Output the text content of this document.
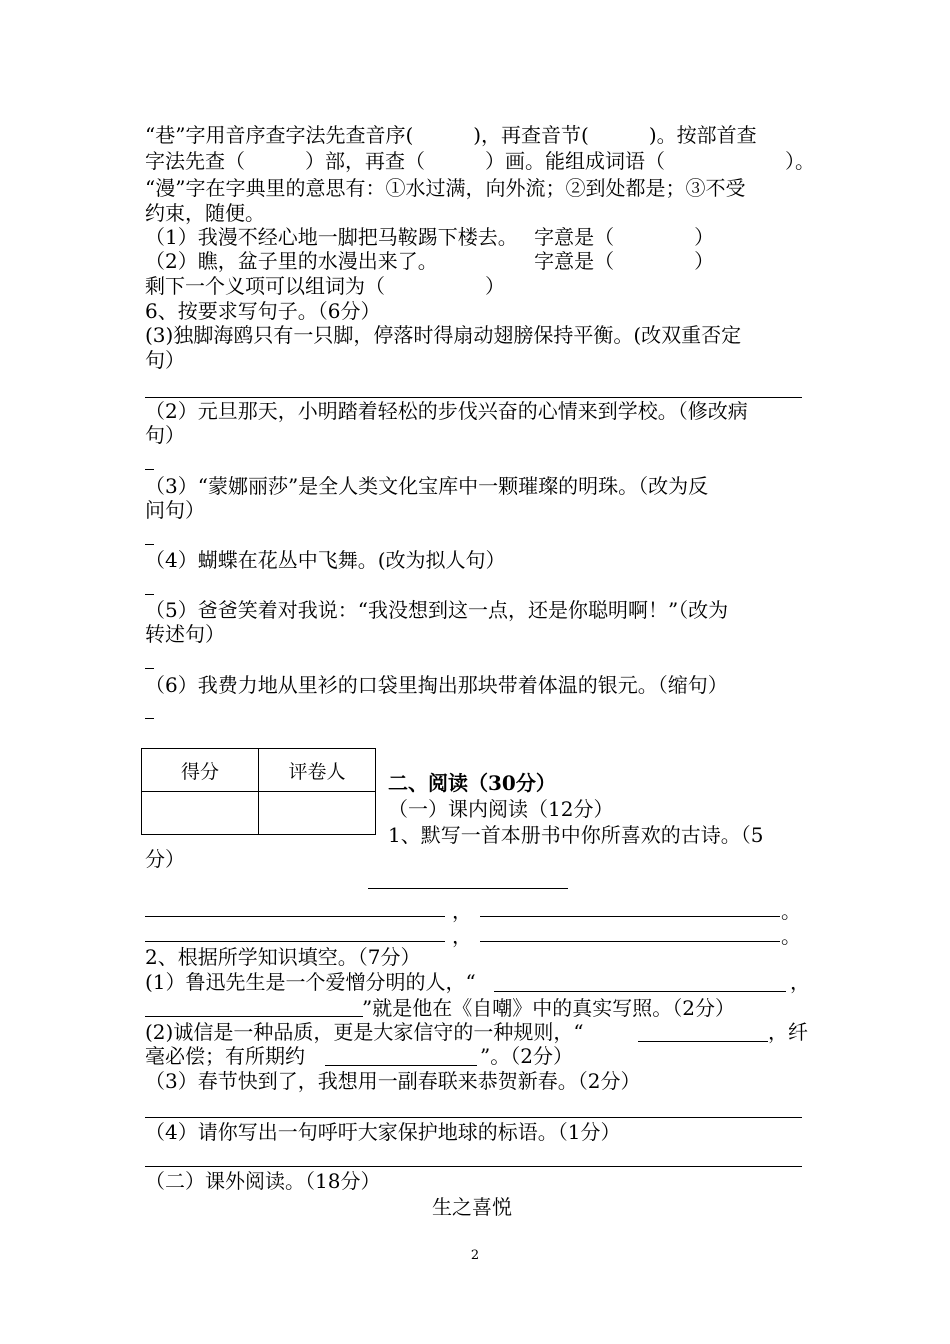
“巷”字用音序查字法先查音序(　　　)，再查音节(　　　)。按部首查
字法先查（　　　）部，再查（　　　）画。能组成词语（　　　　　　）。
“漫”字在字典里的意思有：①水过满，向外流；②到处都是；③不受
约束，随便。
（1）我漫不经心地一脚把马鞍踢下楼去。　 字意是（　　　　）
（2）瞧，盆子里的水漫出来了。　　　　　 字意是（　　　　）
剩下一个义项可以组词为（　　　　　）
6、按要求写句子。（6分）
(3)独脚海鸥只有一只脚，停落时得扇动翅膀保持平衡。(改双重否定
句）
（2）元旦那天，小明踏着轻松的步伐兴奋的心情来到学校。（修改病
句）
（3）“蒙娜丽莎”是全人类文化宝库中一颗璀璨的明珠。（改为反
问句）
（4）蝴蝶在花丛中飞舞。(改为拟人句）
（5）爸爸笑着对我说：“我没想到这一点，还是你聪明啊！”（改为
转述句）
（6）我费力地从里衫的口袋里掏出那块带着体温的银元。（缩句）
得分	评卷人
	二、阅读（30分）
（一）课内阅读（12分）
1、默写一首本册书中你所喜欢的古诗。（5
分）
，	。
，	。
2、根据所学知识填空。（7分）
(1）鲁迅先生是一个爱憎分明的人，“	，
”就是他在《自嘲》中的真实写照。（2分）
(2)诚信是一种品质，更是大家信守的一种规则，“	，纤
毫必偿；有所期约	”。（2分）
（3）春节快到了，我想用一副春联来恭贺新春。（2分）
（4）请你写出一句呼吁大家保护地球的标语。（1分）
（二）课外阅读。（18分）
生之喜悦
2
